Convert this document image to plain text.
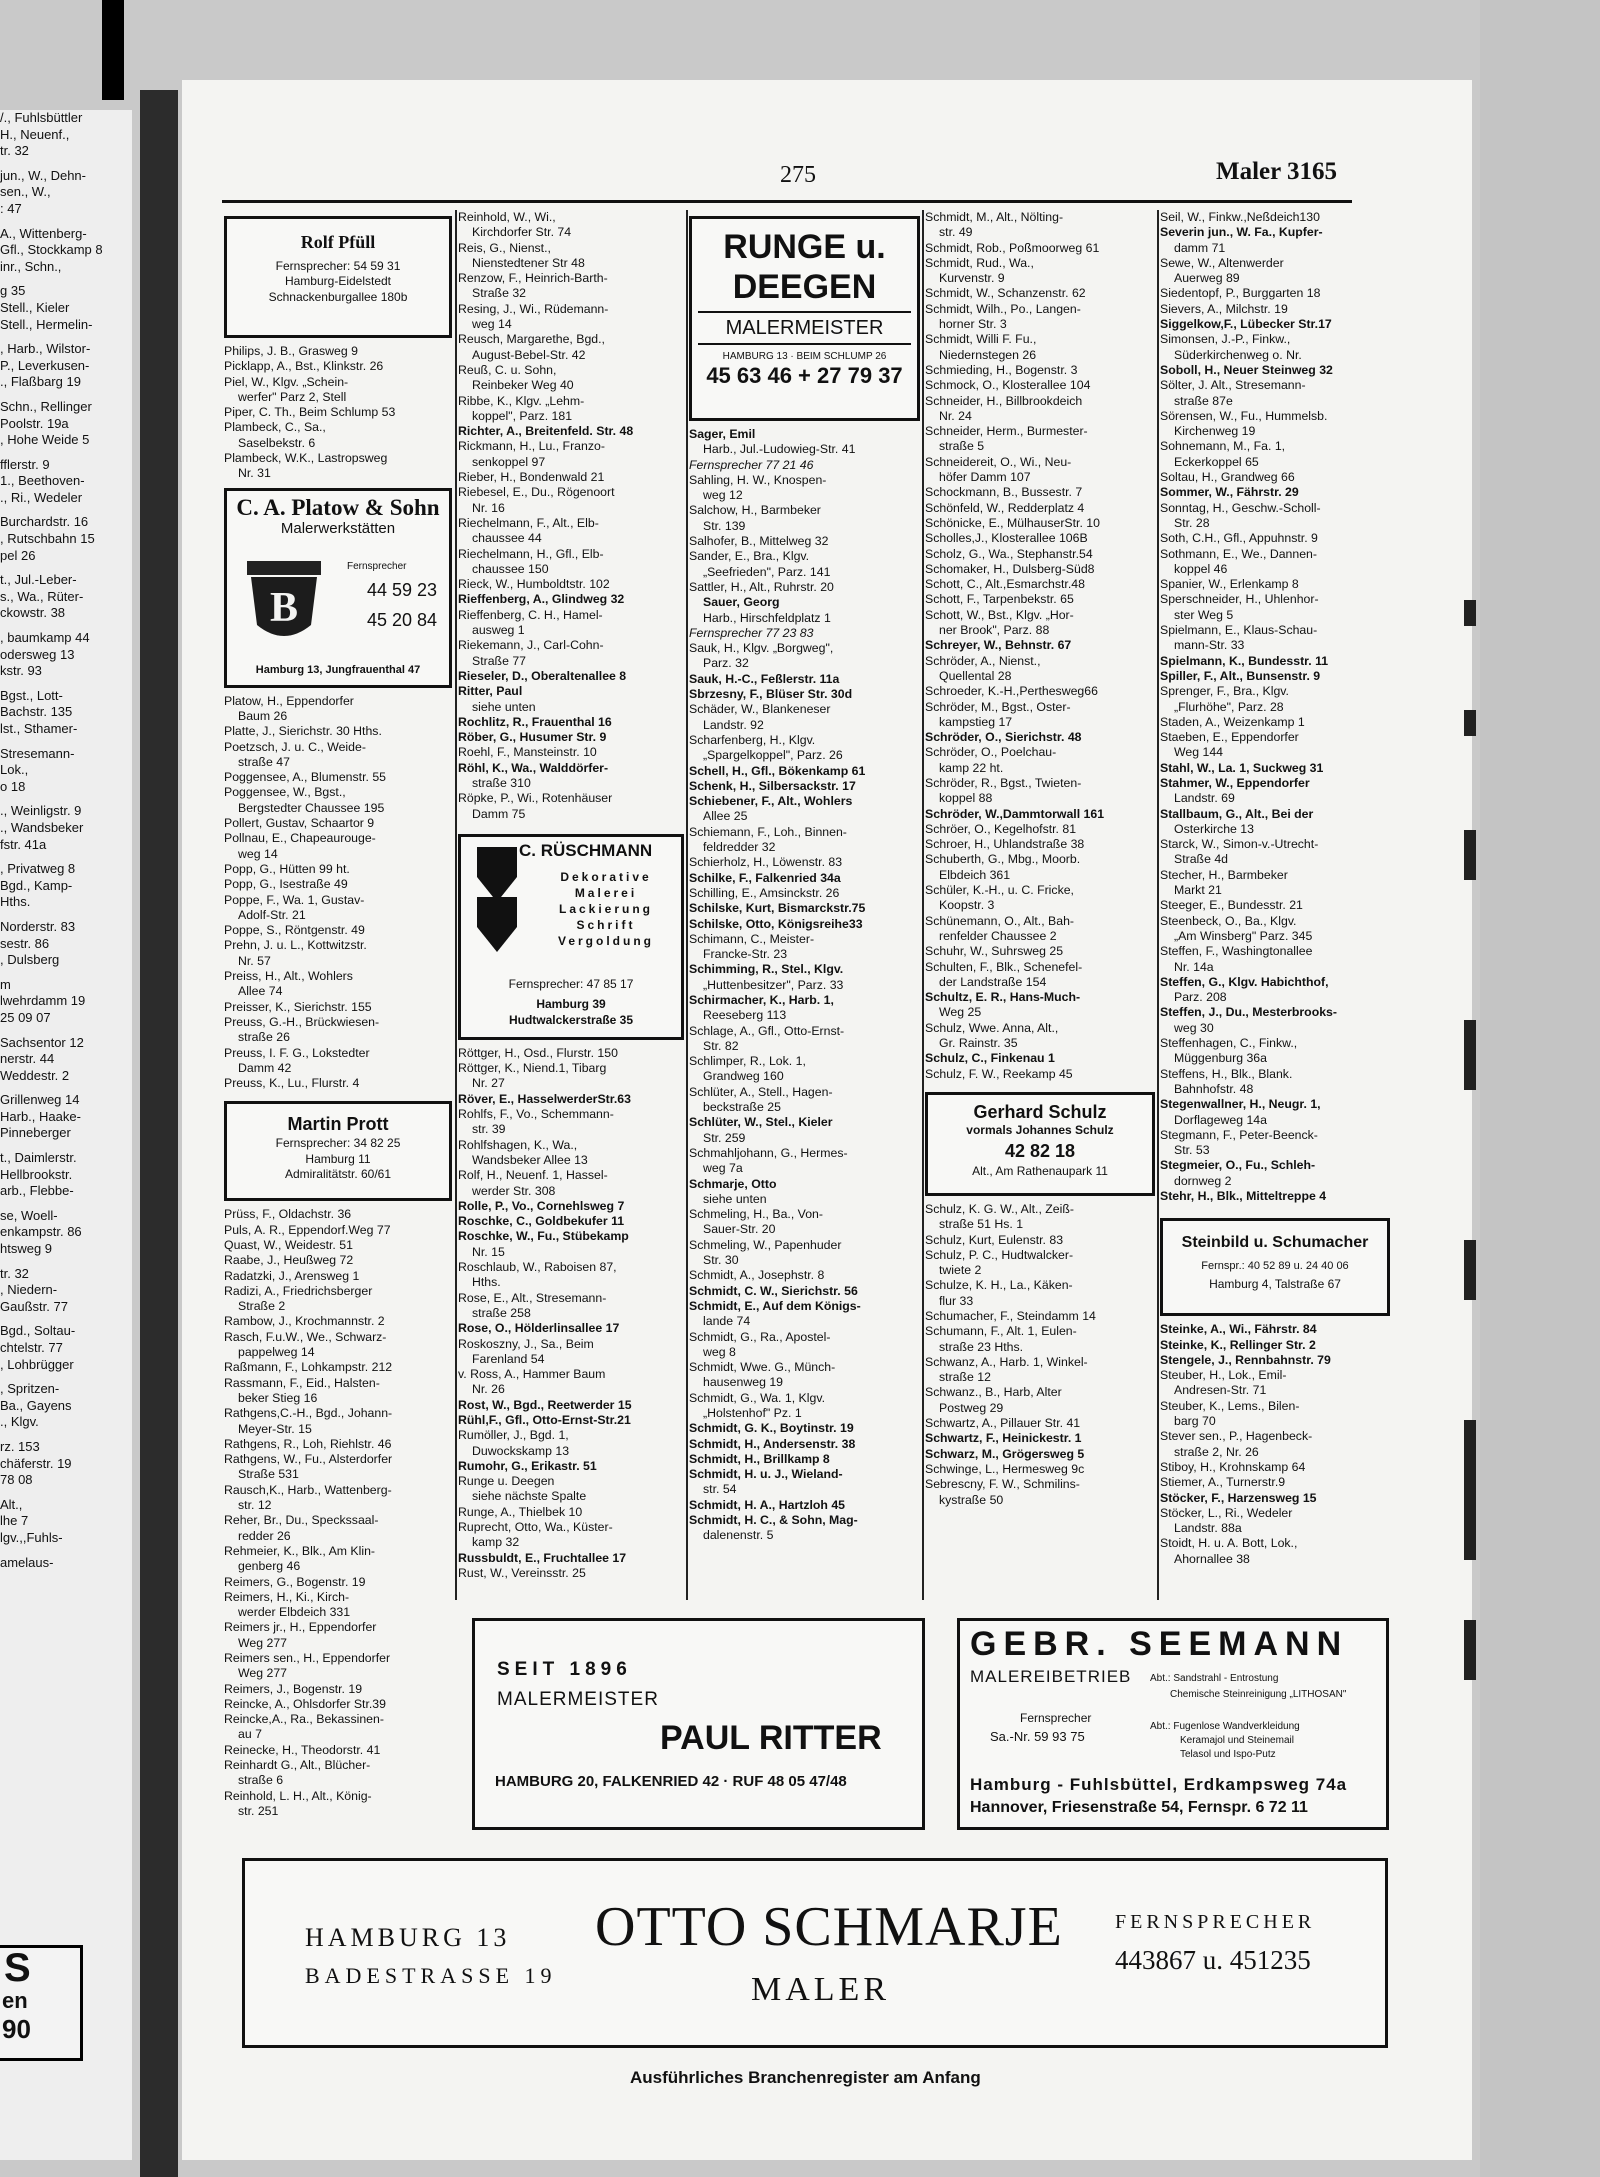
/., Fuhlsbüttler
H., Neuenf.,
tr. 32
jun., W., Dehn-
sen., W.,
: 47
A., Wittenberg-
Gfl., Stockkamp 8
inr., Schn.,
g 35
Stell., Kieler
Stell., Hermelin-
, Harb., Wilstor-
P., Leverkusen-
., Flaßbarg 19
Schn., Rellinger
Poolstr. 19a
, Hohe Weide 5
fflerstr. 9
1., Beethoven-
., Ri., Wedeler
Burchardstr. 16
, Rutschbahn 15
pel 26
t., Jul.-Leber-
s., Wa., Rüter-
ckowstr. 38
, baumkamp 44
odersweg 13
kstr. 93
Bgst., Lott-
Bachstr. 135
lst., Sthamer-
Stresemann-
Lok.,
o 18
., Weinligstr. 9
., Wandsbeker
fstr. 41a
, Privatweg 8
Bgd., Kamp-
Hths.
Norderstr. 83
sestr. 86
, Dulsberg
m
lwehrdamm 19
25 09 07
Sachsentor 12
nerstr. 44
Weddestr. 2
Grillenweg 14
Harb., Haake-
Pinneberger
t., Daimlerstr.
Hellbrookstr.
arb., Flebbe-
se, Woell-
enkampstr. 86
htsweg 9
tr. 32
, Niedern-
Gaußstr. 77
Bgd., Soltau-
chtelstr. 77
, Lohbrügger
, Spritzen-
Ba., Gayens
., Klgv.
rz. 153
chäferstr. 19
78 08
Alt.,
lhe 7
lgv.,,Fuhls-
amelaus-
S
en
90
275	Maler 3165
Rolf Pfüll
Fernsprecher: 54 59 31
Hamburg-Eidelstedt
Schnackenburgallee 180b
Philips, J. B., Grasweg 9
Picklapp, A., Bst., Klinkstr. 26
Piel, W., Klgv. „Schein-
werfer" Parz 2, Stell
Piper, C. Th., Beim Schlump 53
Plambeck, C., Sa.,
Saselbekstr. 6
Plambeck, W.K., Lastropsweg
Nr. 31
C. A. Platow & Sohn
Malerwerkstätten
B
Fernsprecher
44 59 23
45 20 84
Hamburg 13, Jungfrauenthal 47
Platow, H., Eppendorfer
Baum 26
Platte, J., Sierichstr. 30 Hths.
Poetzsch, J. u. C., Weide-
straße 47
Poggensee, A., Blumenstr. 55
Poggensee, W., Bgst.,
Bergstedter Chaussee 195
Pollert, Gustav, Schaartor 9
Pollnau, E., Chapeaurouge-
weg 14
Popp, G., Hütten 99 ht.
Popp, G., Isestraße 49
Poppe, F., Wa. 1, Gustav-
Adolf-Str. 21
Poppe, S., Röntgenstr. 49
Prehn, J. u. L., Kottwitzstr.
Nr. 57
Preiss, H., Alt., Wohlers
Allee 74
Preisser, K., Sierichstr. 155
Preuss, G.-H., Brückwiesen-
straße 26
Preuss, I. F. G., Lokstedter
Damm 42
Preuss, K., Lu., Flurstr. 4
Martin Prott
Fernsprecher: 34 82 25
Hamburg 11
Admiralitätstr. 60/61
Prüss, F., Oldachstr. 36
Puls, A. R., Eppendorf.Weg 77
Quast, W., Weidestr. 51
Raabe, J., Heußweg 72
Radatzki, J., Arensweg 1
Radizi, A., Friedrichsberger
Straße 2
Rambow, J., Krochmannstr. 2
Rasch, F.u.W., We., Schwarz-
pappelweg 14
Raßmann, F., Lohkampstr. 212
Rassmann, F., Eid., Halsten-
beker Stieg 16
Rathgens,C.-H., Bgd., Johann-
Meyer-Str. 15
Rathgens, R., Loh, Riehlstr. 46
Rathgens, W., Fu., Alsterdorfer
Straße 531
Rausch,K., Harb., Wattenberg-
str. 12
Reher, Br., Du., Speckssaal-
redder 26
Rehmeier, K., Blk., Am Klin-
genberg 46
Reimers, G., Bogenstr. 19
Reimers, H., Ki., Kirch-
werder Elbdeich 331
Reimers jr., H., Eppendorfer
Weg 277
Reimers sen., H., Eppendorfer
Weg 277
Reimers, J., Bogenstr. 19
Reincke, A., Ohlsdorfer Str.39
Reincke,A., Ra., Bekassinen-
au 7
Reinecke, H., Theodorstr. 41
Reinhardt G., Alt., Blücher-
straße 6
Reinhold, L. H., Alt., König-
str. 251
Reinhold, W., Wi.,
Kirchdorfer Str. 74
Reis, G., Nienst.,
Nienstedtener Str 48
Renzow, F., Heinrich-Barth-
Straße 32
Resing, J., Wi., Rüdemann-
weg 14
Reusch, Margarethe, Bgd.,
August-Bebel-Str. 42
Reuß, C. u. Sohn,
Reinbeker Weg 40
Ribbe, K., Klgv. „Lehm-
koppel", Parz. 181
Richter, A., Breitenfeld. Str. 48
Rickmann, H., Lu., Franzo-
senkoppel 97
Rieber, H., Bondenwald 21
Riebesel, E., Du., Rögenoort
Nr. 16
Riechelmann, F., Alt., Elb-
chaussee 44
Riechelmann, H., Gfl., Elb-
chaussee 150
Rieck, W., Humboldtstr. 102
Rieffenberg, A., Glindweg 32
Rieffenberg, C. H., Hamel-
ausweg 1
Riekemann, J., Carl-Cohn-
Straße 77
Rieseler, D., Oberaltenallee 8
Ritter, Paul
siehe unten
Rochlitz, R., Frauenthal 16
Röber, G., Husumer Str. 9
Roehl, F., Mansteinstr. 10
Röhl, K., Wa., Walddörfer-
straße 310
Röpke, P., Wi., Rotenhäuser
Damm 75
C. RÜSCHMANN
Dekorative
Malerei
Lackierung
Schrift
Vergoldung
Fernsprecher: 47 85 17
Hamburg 39
Hudtwalckerstraße 35
Röttger, H., Osd., Flurstr. 150
Röttger, K., Niend.1, Tibarg
Nr. 27
Röver, E., HasselwerderStr.63
Rohlfs, F., Vo., Schemmann-
str. 39
Rohlfshagen, K., Wa.,
Wandsbeker Allee 13
Rolf, H., Neuenf. 1, Hassel-
werder Str. 308
Rolle, P., Vo., Cornehlsweg 7
Roschke, C., Goldbekufer 11
Roschke, W., Fu., Stübekamp
Nr. 15
Roschlaub, W., Raboisen 87,
Hths.
Rose, E., Alt., Stresemann-
straße 258
Rose, O., Hölderlinsallee 17
Roskoszny, J., Sa., Beim
Farenland 54
v. Ross, A., Hammer Baum
Nr. 26
Rost, W., Bgd., Reetwerder 15
Rühl,F., Gfl., Otto-Ernst-Str.21
Rumöller, J., Bgd. 1,
Duwockskamp 13
Rumohr, G., Erikastr. 51
Runge u. Deegen
siehe nächste Spalte
Runge, A., Thielbek 10
Ruprecht, Otto, Wa., Küster-
kamp 32
Russbuldt, E., Fruchtallee 17
Rust, W., Vereinsstr. 25
RUNGE u.
DEEGEN
MALERMEISTER
HAMBURG 13 · BEIM SCHLUMP 26
45 63 46 + 27 79 37
Sager, Emil
Harb., Jul.-Ludowieg-Str. 41
Fernsprecher 77 21 46
Sahling, H. W., Knospen-
weg 12
Salchow, H., Barmbeker
Str. 139
Salhofer, B., Mittelweg 32
Sander, E., Bra., Klgv.
„Seefrieden", Parz. 141
Sattler, H., Alt., Ruhrstr. 20
Sauer, Georg
Harb., Hirschfeldplatz 1
Fernsprecher 77 23 83
Sauk, H., Klgv. „Borgweg",
Parz. 32
Sauk, H.-C., Feßlerstr. 11a
Sbrzesny, F., Blüser Str. 30d
Schäder, W., Blankeneser
Landstr. 92
Scharfenberg, H., Klgv.
„Spargelkoppel", Parz. 26
Schell, H., Gfl., Bökenkamp 61
Schenk, H., Silbersackstr. 17
Schiebener, F., Alt., Wohlers
Allee 25
Schiemann, F., Loh., Binnen-
feldredder 32
Schierholz, H., Löwenstr. 83
Schilke, F., Falkenried 34a
Schilling, E., Amsinckstr. 26
Schilske, Kurt, Bismarckstr.75
Schilske, Otto, Königsreihe33
Schimann, C., Meister-
Francke-Str. 23
Schimming, R., Stel., Klgv.
„Huttenbesitzer", Parz. 33
Schirmacher, K., Harb. 1,
Reeseberg 113
Schlage, A., Gfl., Otto-Ernst-
Str. 82
Schlimper, R., Lok. 1,
Grandweg 160
Schlüter, A., Stell., Hagen-
beckstraße 25
Schlüter, W., Stel., Kieler
Str. 259
Schmahljohann, G., Hermes-
weg 7a
Schmarje, Otto
siehe unten
Schmeling, H., Ba., Von-
Sauer-Str. 20
Schmeling, W., Papenhuder
Str. 30
Schmidt, A., Josephstr. 8
Schmidt, C. W., Sierichstr. 56
Schmidt, E., Auf dem Königs-
lande 74
Schmidt, G., Ra., Apostel-
weg 8
Schmidt, Wwe. G., Münch-
hausenweg 19
Schmidt, G., Wa. 1, Klgv.
„Holstenhof" Pz. 1
Schmidt, G. K., Boytinstr. 19
Schmidt, H., Andersenstr. 38
Schmidt, H., Brillkamp 8
Schmidt, H. u. J., Wieland-
str. 54
Schmidt, H. A., Hartzloh 45
Schmidt, H. C., & Sohn, Mag-
dalenenstr. 5
Schmidt, M., Alt., Nölting-
str. 49
Schmidt, Rob., Poßmoorweg 61
Schmidt, Rud., Wa.,
Kurvenstr. 9
Schmidt, W., Schanzenstr. 62
Schmidt, Wilh., Po., Langen-
horner Str. 3
Schmidt, Willi F. Fu.,
Niedernstegen 26
Schmieding, H., Bogenstr. 3
Schmock, O., Klosterallee 104
Schneider, H., Billbrookdeich
Nr. 24
Schneider, Herm., Burmester-
straße 5
Schneidereit, O., Wi., Neu-
höfer Damm 107
Schockmann, B., Bussestr. 7
Schönfeld, W., Redderplatz 4
Schönicke, E., MülhauserStr. 10
Scholles,J., Klosterallee 106B
Scholz, G., Wa., Stephanstr.54
Schomaker, H., Dulsberg-Süd8
Schott, C., Alt.,Esmarchstr.48
Schott, F., Tarpenbekstr. 65
Schott, W., Bst., Klgv. „Hor-
ner Brook", Parz. 88
Schreyer, W., Behnstr. 67
Schröder, A., Nienst.,
Quellental 28
Schroeder, K.-H.,Perthesweg66
Schröder, M., Bgst., Oster-
kampstieg 17
Schröder, O., Sierichstr. 48
Schröder, O., Poelchau-
kamp 22 ht.
Schröder, R., Bgst., Twieten-
koppel 88
Schröder, W.,Dammtorwall 161
Schröer, O., Kegelhofstr. 81
Schroer, H., Uhlandstraße 38
Schuberth, G., Mbg., Moorb.
Elbdeich 361
Schüler, K.-H., u. C. Fricke,
Koopstr. 3
Schünemann, O., Alt., Bah-
renfelder Chaussee 2
Schuhr, W., Suhrsweg 25
Schulten, F., Blk., Schenefel-
der Landstraße 154
Schultz, E. R., Hans-Much-
Weg 25
Schulz, Wwe. Anna, Alt.,
Gr. Rainstr. 35
Schulz, C., Finkenau 1
Schulz, F. W., Reekamp 45
Gerhard Schulz
vormals Johannes Schulz
42 82 18
Alt., Am Rathenaupark 11
Schulz, K. G. W., Alt., Zeiß-
straße 51 Hs. 1
Schulz, Kurt, Eulenstr. 83
Schulz, P. C., Hudtwalcker-
twiete 2
Schulze, K. H., La., Käken-
flur 33
Schumacher, F., Steindamm 14
Schumann, F., Alt. 1, Eulen-
straße 23 Hths.
Schwanz, A., Harb. 1, Winkel-
straße 12
Schwanz., B., Harb, Alter
Postweg 29
Schwartz, A., Pillauer Str. 41
Schwartz, F., Heinickestr. 1
Schwarz, M., Grögersweg 5
Schwinge, L., Hermesweg 9c
Sebrescny, F. W., Schmilins-
kystraße 50
Seil, W., Finkw.,Neßdeich130
Severin jun., W. Fa., Kupfer-
damm 71
Sewe, W., Altenwerder
Auerweg 89
Siedentopf, P., Burggarten 18
Sievers, A., Milchstr. 19
Siggelkow,F., Lübecker Str.17
Simonsen, J.-P., Finkw.,
Süderkirchenweg o. Nr.
Soboll, H., Neuer Steinweg 32
Sölter, J. Alt., Stresemann-
straße 87e
Sörensen, W., Fu., Hummelsb.
Kirchenweg 19
Sohnemann, M., Fa. 1,
Eckerkoppel 65
Soltau, H., Grandweg 66
Sommer, W., Fährstr. 29
Sonntag, H., Geschw.-Scholl-
Str. 28
Soth, C.H., Gfl., Appuhnstr. 9
Sothmann, E., We., Dannen-
koppel 46
Spanier, W., Erlenkamp 8
Sperschneider, H., Uhlenhor-
ster Weg 5
Spielmann, E., Klaus-Schau-
mann-Str. 33
Spielmann, K., Bundesstr. 11
Spiller, F., Alt., Bunsenstr. 9
Sprenger, F., Bra., Klgv.
„Flurhöhe", Parz. 28
Staden, A., Weizenkamp 1
Staeben, E., Eppendorfer
Weg 144
Stahl, W., La. 1, Suckweg 31
Stahmer, W., Eppendorfer
Landstr. 69
Stallbaum, G., Alt., Bei der
Osterkirche 13
Starck, W., Simon-v.-Utrecht-
Straße 4d
Stecher, H., Barmbeker
Markt 21
Steeger, E., Bundesstr. 21
Steenbeck, O., Ba., Klgv.
„Am Winsberg" Parz. 345
Steffen, F., Washingtonallee
Nr. 14a
Steffen, G., Klgv. Habichthof,
Parz. 208
Steffen, J., Du., Mesterbrooks-
weg 30
Steffenhagen, C., Finkw.,
Müggenburg 36a
Steffens, H., Blk., Blank.
Bahnhofstr. 48
Stegenwallner, H., Neugr. 1,
Dorflageweg 14a
Stegmann, F., Peter-Beenck-
Str. 53
Stegmeier, O., Fu., Schleh-
dornweg 2
Stehr, H., Blk., Mitteltreppe 4
Steinbild u. Schumacher
Fernspr.: 40 52 89 u. 24 40 06
Hamburg 4, Talstraße 67
Steinke, A., Wi., Fährstr. 84
Steinke, K., Rellinger Str. 2
Stengele, J., Rennbahnstr. 79
Steuber, H., Lok., Emil-
Andresen-Str. 71
Steuber, K., Lems., Bilen-
barg 70
Stever sen., P., Hagenbeck-
straße 2, Nr. 26
Stiboy, H., Krohnskamp 64
Stiemer, A., Turnerstr.9
Stöcker, F., Harzensweg 15
Stöcker, L., Ri., Wedeler
Landstr. 88a
Stoidt, H. u. A. Bott, Lok.,
Ahornallee 38
SEIT 1896
MALERMEISTER
PAUL RITTER
HAMBURG 20, FALKENRIED 42 · RUF 48 05 47/48
GEBR. SEEMANN
MALEREIBETRIEB
Fernsprecher
Sa.-Nr. 59 93 75
Abt.: Sandstrahl - Entrostung
Chemische Steinreinigung „LITHOSAN"
Abt.: Fugenlose Wandverkleidung
Keramajol und Steinemail
Telasol und Ispo-Putz
Hamburg - Fuhlsbüttel, Erdkampsweg 74a
Hannover, Friesenstraße 54, Fernspr. 6 72 11
HAMBURG 13
BADESTRASSE 19
OTTO SCHMARJE
MALER
FERNSPRECHER
443867 u. 451235
Ausführliches Branchenregister am Anfang
